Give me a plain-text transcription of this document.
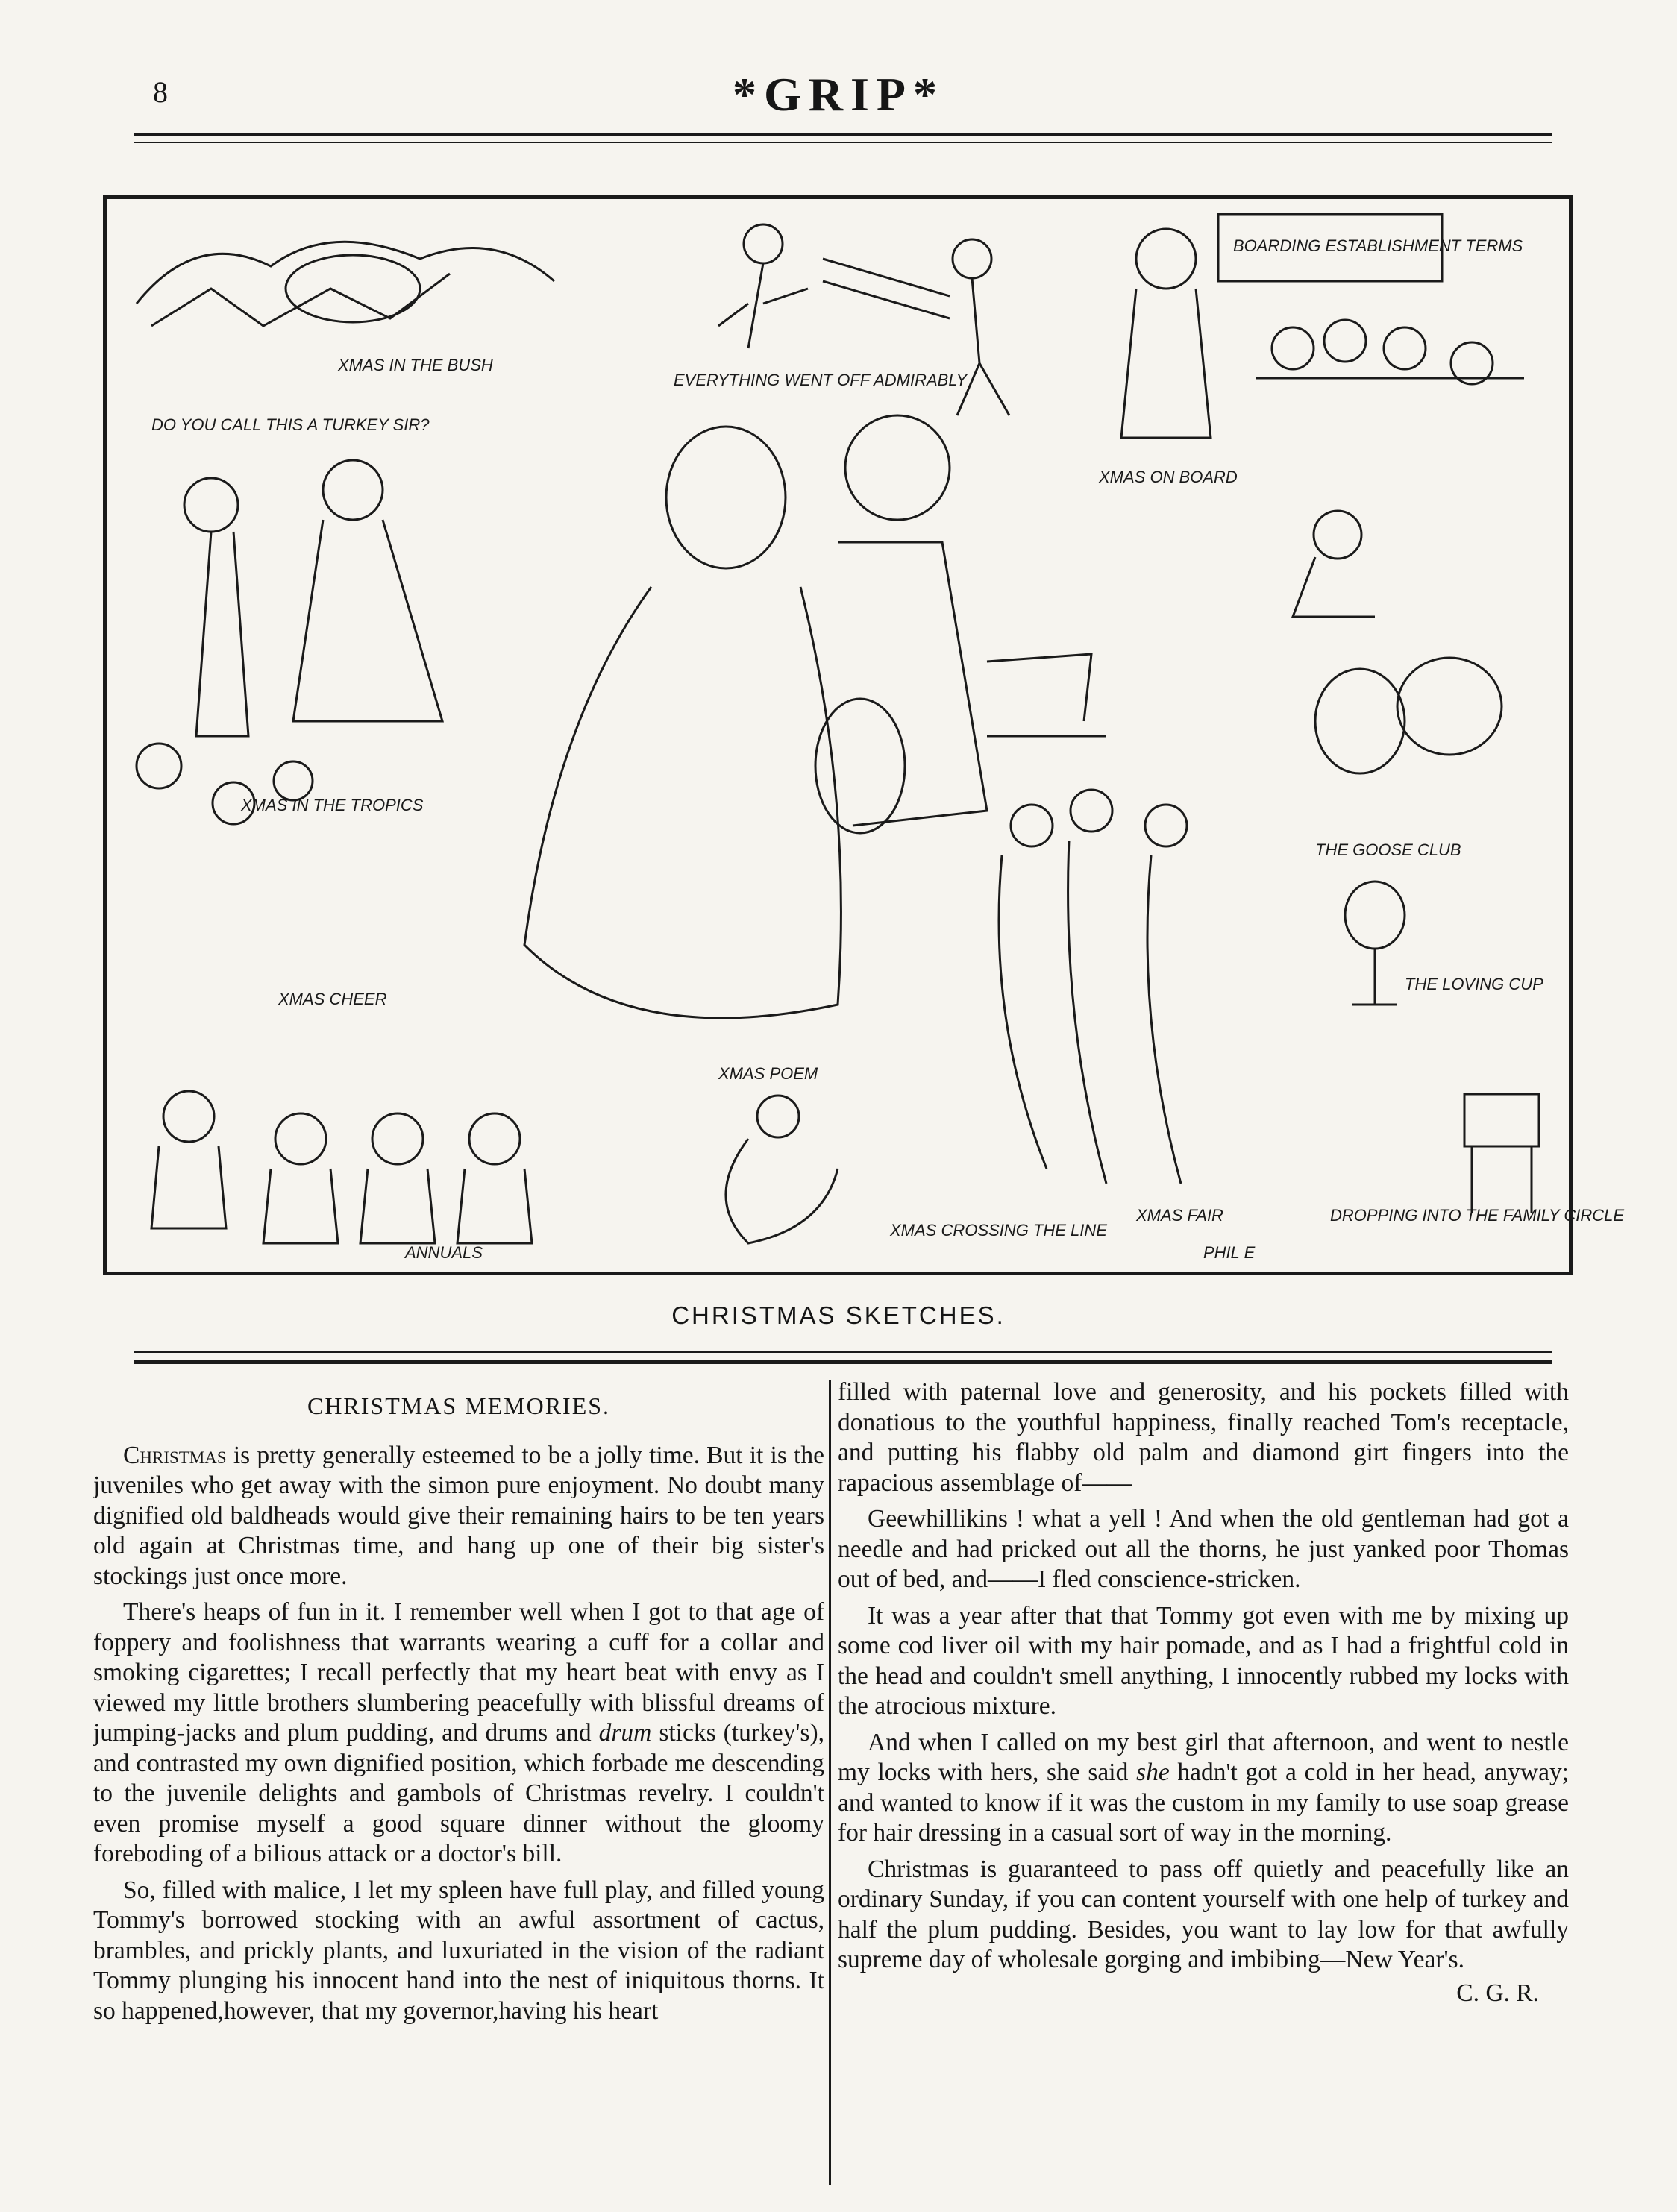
8	*GRIP*
XMAS IN THE BUSH
EVERYTHING WENT OFF ADMIRABLY
BOARDING ESTABLISHMENT TERMS
XMAS ON BOARD
DO YOU CALL THIS A TURKEY SIR?
XMAS IN THE TROPICS
THE GOOSE CLUB
XMAS CHEER
XMAS POEM
THE LOVING CUP
ANNUALS
XMAS CROSSING THE LINE
XMAS FAIR	DROPPING INTO THE FAMILY CIRCLE
PHIL E
CHRISTMAS SKETCHES.

CHRISTMAS MEMORIES.

Christmas is pretty generally esteemed to be a jolly time. But it is the juveniles who get away with the simon pure enjoyment. No doubt many dignified old baldheads would give their remaining hairs to be ten years old again at Christmas time, and hang up one of their big sister's stockings just once more.

There's heaps of fun in it. I remember well when I got to that age of foppery and foolishness that warrants wearing a cuff for a collar and smoking cigarettes; I recall perfectly that my heart beat with envy as I viewed my little brothers slumbering peacefully with blissful dreams of jumping-jacks and plum pudding, and drums and drum sticks (turkey's), and contrasted my own dignified position, which forbade me descending to the juvenile delights and gambols of Christmas revelry. I couldn't even promise myself a good square dinner without the gloomy foreboding of a bilious attack or a doctor's bill.

So, filled with malice, I let my spleen have full play, and filled young Tommy's borrowed stocking with an awful assortment of cactus, brambles, and prickly plants, and luxuriated in the vision of the radiant Tommy plunging his innocent hand into the nest of iniquitous thorns. It so happened,however, that my governor,having his heart

filled with paternal love and generosity, and his pockets filled with donatious to the youthful happiness, finally reached Tom's receptacle, and putting his flabby old palm and diamond girt fingers into the rapacious assemblage of——

Geewhillikins ! what a yell ! And when the old gentleman had got a needle and had pricked out all the thorns, he just yanked poor Thomas out of bed, and——I fled conscience-stricken.

It was a year after that that Tommy got even with me by mixing up some cod liver oil with my hair pomade, and as I had a frightful cold in the head and couldn't smell anything, I innocently rubbed my locks with the atrocious mixture.

And when I called on my best girl that afternoon, and went to nestle my locks with hers, she said she hadn't got a cold in her head, anyway; and wanted to know if it was the custom in my family to use soap grease for hair dressing in a casual sort of way in the morning.

Christmas is guaranteed to pass off quietly and peacefully like an ordinary Sunday, if you can content yourself with one help of turkey and half the plum pudding. Besides, you want to lay low for that awfully supreme day of wholesale gorging and imbibing—New Year's.

C. G. R.
